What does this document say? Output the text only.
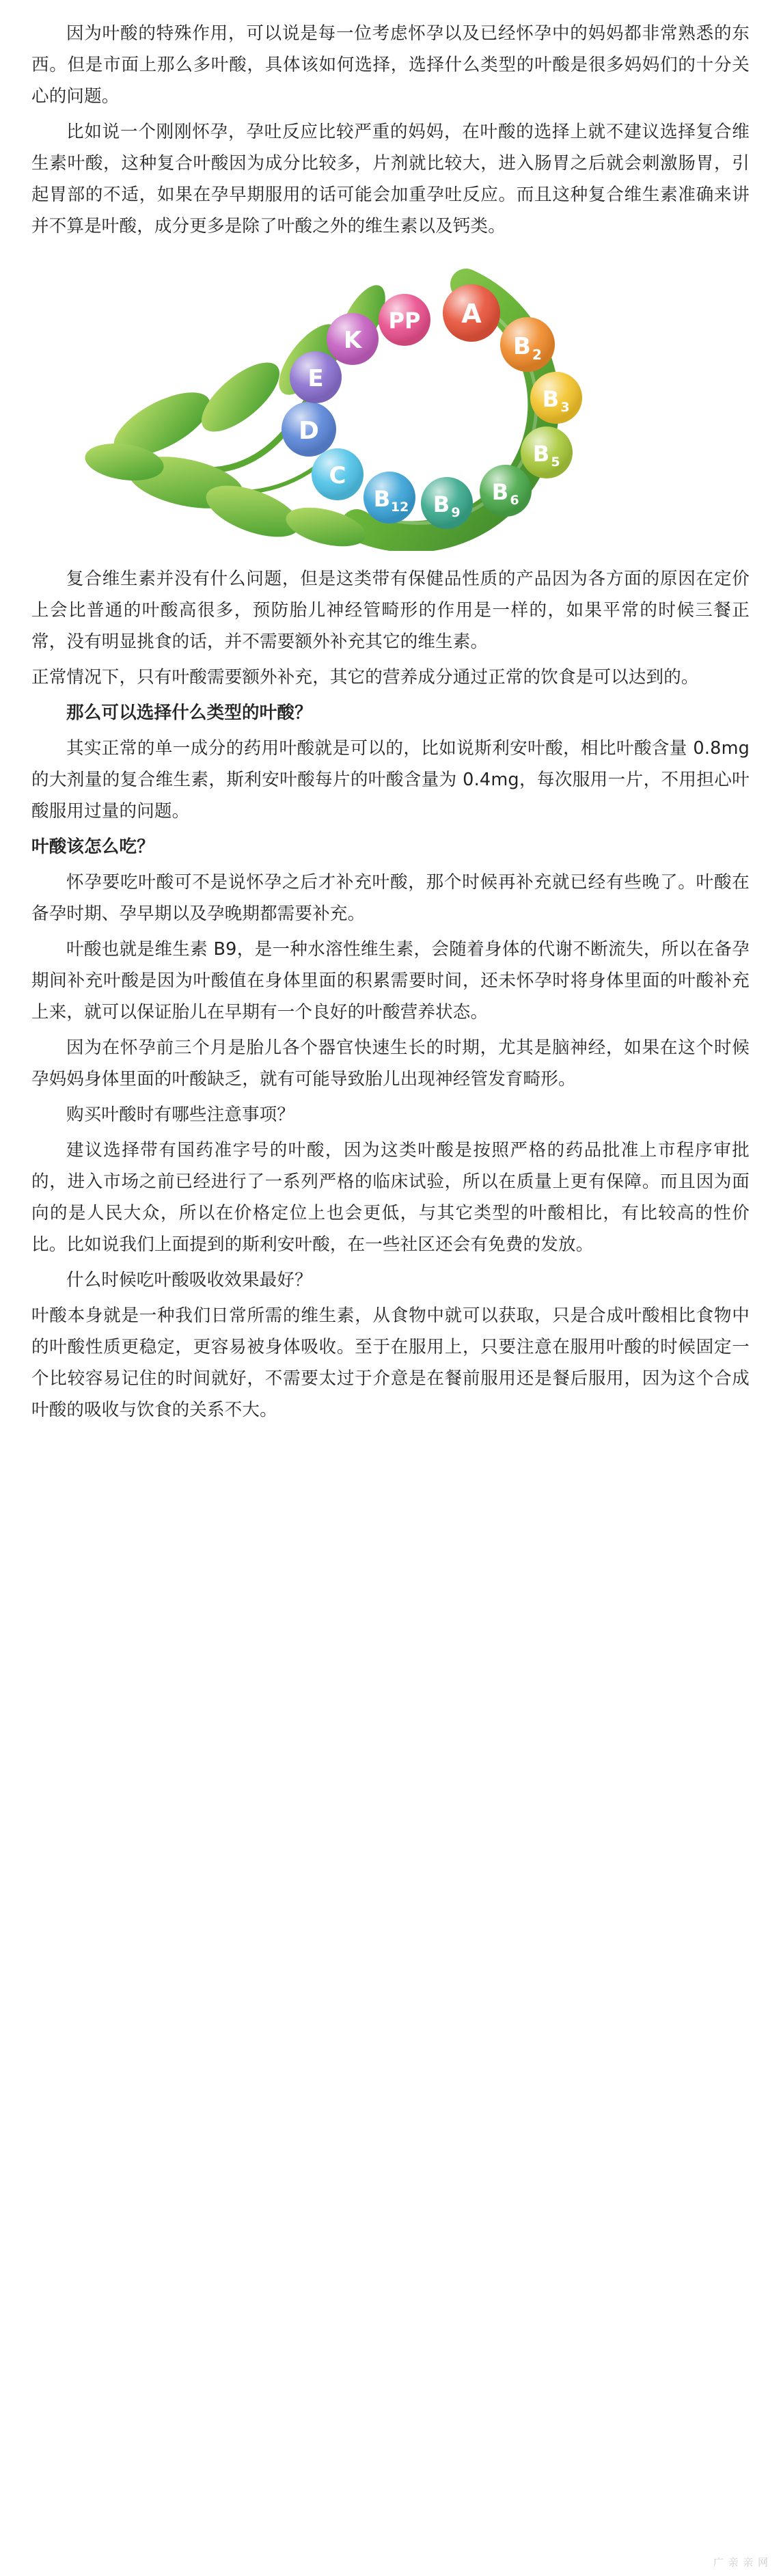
因为叶酸的特殊作用，可以说是每一位考虑怀孕以及已经怀孕中的妈妈都非常熟悉的东西。但是市面上那么多叶酸，具体该如何选择，选择什么类型的叶酸是很多妈妈们的十分关心的问题。

比如说一个刚刚怀孕，孕吐反应比较严重的妈妈，在叶酸的选择上就不建议选择复合维生素叶酸，这种复合叶酸因为成分比较多，片剂就比较大，进入肠胃之后就会刺激肠胃，引起胃部的不适，如果在孕早期服用的话可能会加重孕吐反应。而且这种复合维生素准确来讲并不算是叶酸，成分更多是除了叶酸之外的维生素以及钙类。

PP A
B 2
B 3
B 5
B 6
B 9
B 12
C
D
E
K

复合维生素并没有什么问题，但是这类带有保健品性质的产品因为各方面的原因在定价上会比普通的叶酸高很多，预防胎儿神经管畸形的作用是一样的，如果平常的时候三餐正常，没有明显挑食的话，并不需要额外补充其它的维生素。

正常情况下，只有叶酸需要额外补充，其它的营养成分通过正常的饮食是可以达到的。

那么可以选择什么类型的叶酸？

其实正常的单一成分的药用叶酸就是可以的，比如说斯利安叶酸，相比叶酸含量 0.8mg 的大剂量的复合维生素，斯利安叶酸每片的叶酸含量为 0.4mg，每次服用一片，不用担心叶酸服用过量的问题。

叶酸该怎么吃？

怀孕要吃叶酸可不是说怀孕之后才补充叶酸，那个时候再补充就已经有些晚了。叶酸在备孕时期、孕早期以及孕晚期都需要补充。

叶酸也就是维生素 B9，是一种水溶性维生素，会随着身体的代谢不断流失，所以在备孕期间补充叶酸是因为叶酸值在身体里面的积累需要时间，还未怀孕时将身体里面的叶酸补充上来，就可以保证胎儿在早期有一个良好的叶酸营养状态。

因为在怀孕前三个月是胎儿各个器官快速生长的时期，尤其是脑神经，如果在这个时候孕妈妈身体里面的叶酸缺乏，就有可能导致胎儿出现神经管发育畸形。

购买叶酸时有哪些注意事项？

建议选择带有国药准字号的叶酸，因为这类叶酸是按照严格的药品批准上市程序审批的，进入市场之前已经进行了一系列严格的临床试验，所以在质量上更有保障。而且因为面向的是人民大众，所以在价格定位上也会更低，与其它类型的叶酸相比，有比较高的性价比。比如说我们上面提到的斯利安叶酸，在一些社区还会有免费的发放。

什么时候吃叶酸吸收效果最好？

叶酸本身就是一种我们日常所需的维生素，从食物中就可以获取，只是合成叶酸相比食物中的叶酸性质更稳定，更容易被身体吸收。至于在服用上，只要注意在服用叶酸的时候固定一个比较容易记住的时间就好，不需要太过于介意是在餐前服用还是餐后服用，因为这个合成叶酸的吸收与饮食的关系不大。

广 亲 亲 网
